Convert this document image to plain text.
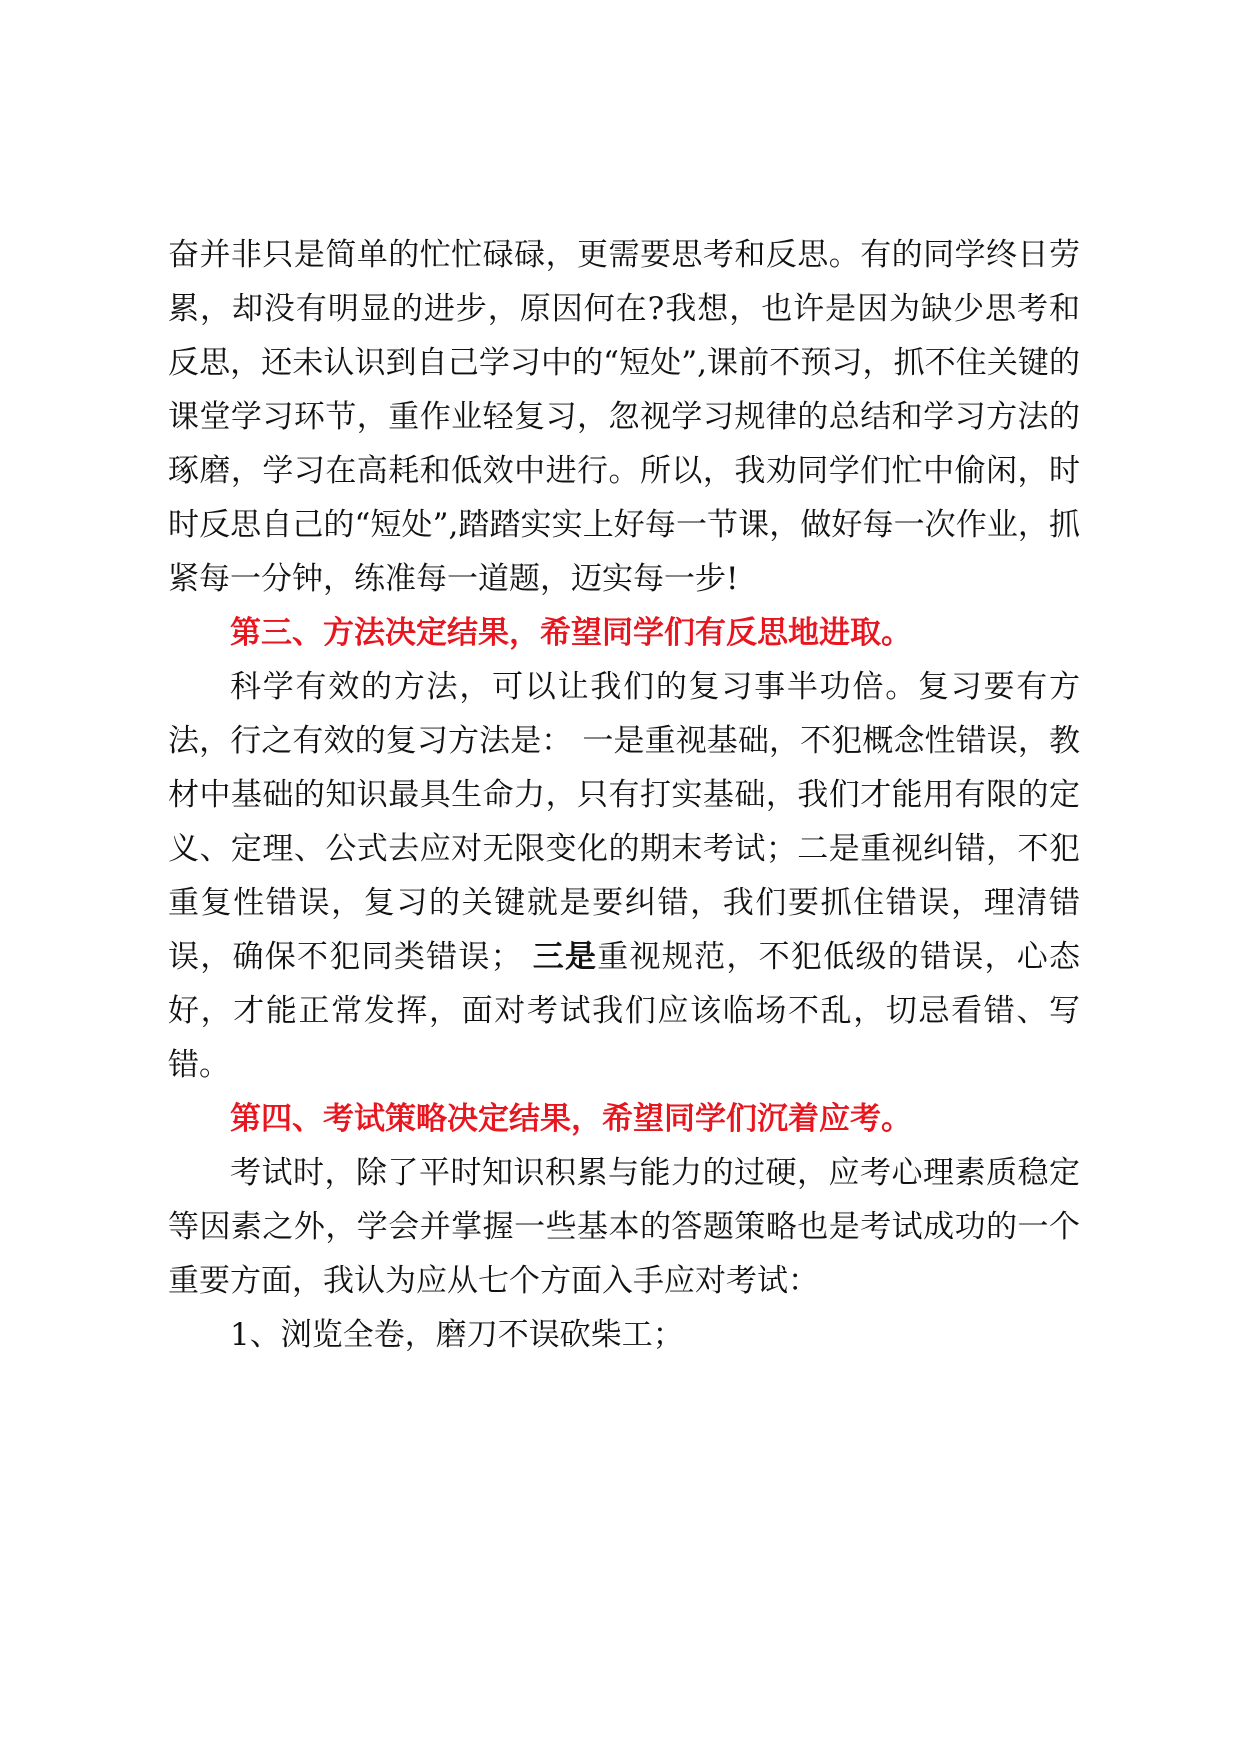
奋并非只是简单的忙忙碌碌，更需要思考和反思。有的同学终日劳累，却没有明显的进步，原因何在?我想，也许是因为缺少思考和反思，还未认识到自己学习中的“短处”,课前不预习，抓不住关键的课堂学习环节，重作业轻复习，忽视学习规律的总结和学习方法的琢磨，学习在高耗和低效中进行。所以，我劝同学们忙中偷闲，时时反思自己的“短处”,踏踏实实上好每一节课，做好每一次作业，抓紧每一分钟，练准每一道题，迈实每一步!

第三、方法决定结果，希望同学们有反思地进取。

科学有效的方法，可以让我们的复习事半功倍。复习要有方法，行之有效的复习方法是： 一是重视基础，不犯概念性错误，教材中基础的知识最具生命力，只有打实基础，我们才能用有限的定义、定理、公式去应对无限变化的期末考试；二是重视纠错，不犯重复性错误，复习的关键就是要纠错，我们要抓住错误，理清错误，确保不犯同类错误； 三是重视规范，不犯低级的错误，心态好，才能正常发挥，面对考试我们应该临场不乱，切忌看错、写错。

第四、考试策略决定结果，希望同学们沉着应考。

考试时，除了平时知识积累与能力的过硬，应考心理素质稳定等因素之外，学会并掌握一些基本的答题策略也是考试成功的一个重要方面，我认为应从七个方面入手应对考试：

1、浏览全卷，磨刀不误砍柴工；
